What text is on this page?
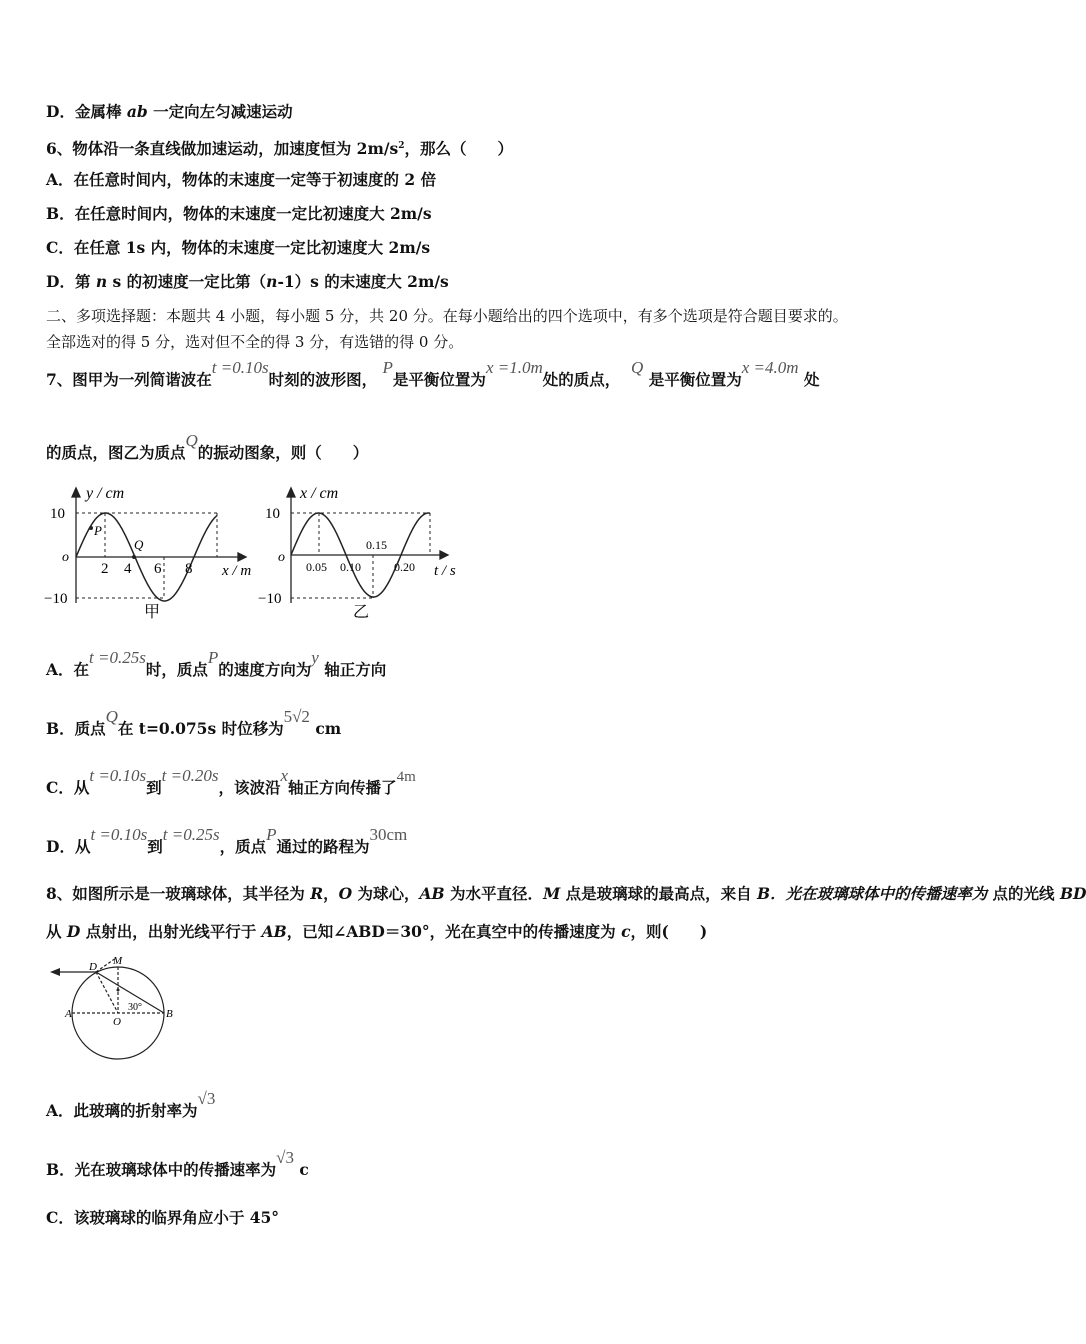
D．金属棒 ab 一定向左匀减速运动
6、物体沿一条直线做加速运动，加速度恒为 $2m/s^2$，那么（　　）
A．在任意时间内，物体的末速度一定等于初速度的 2 倍
B．在任意时间内，物体的末速度一定比初速度大 2m/s
C．在任意 1s 内，物体的末速度一定比初速度大 2m/s
D．第 n s 的初速度一定比第（n-1）s 的末速度大 2m/s
二、多项选择题：本题共 4 小题，每小题 5 分，共 20 分。在每小题给出的四个选项中，有多个选项是符合题目要求的。
全部选对的得 5 分，选对但不全的得 3 分，有选错的得 0 分。
7、图甲为一列简谐波在t =0.10s时刻的波形图， P是平衡位置为x =1.0m处的质点，  Q 是平衡位置为x =4.0m 处
的质点，图乙为质点Q的振动图象，则（　　）
y / cm
10
−10
o
P
Q
2 4 6 8 x / m
甲
x / cm
10
−10
o
0.05 0.10
0.15
0.20 t / s
乙
A．在t =0.25s时，质点P的速度方向为y 轴正方向
B．质点Q在 t=0.075s 时位移为5√2 cm
C．从t =0.10s到t =0.20s，该波沿x轴正方向传播了4m
D．从t =0.10s到t =0.25s，质点P通过的路程为30cm
8、如图所示是一玻璃球体，其半径为 R，O 为球心，AB 为水平直径．M 点是玻璃球的最高点，来自 B．光在玻璃球体中的传播速率为 点的光线 BD
从 D 点射出，出射光线平行于 AB，已知∠ABD＝30°，光在真空中的传播速度为 c，则(　　)
D M
A
O
B
30°
A．此玻璃的折射率为√3
B．光在玻璃球体中的传播速率为√3 c
C．该玻璃球的临界角应小于 45°
